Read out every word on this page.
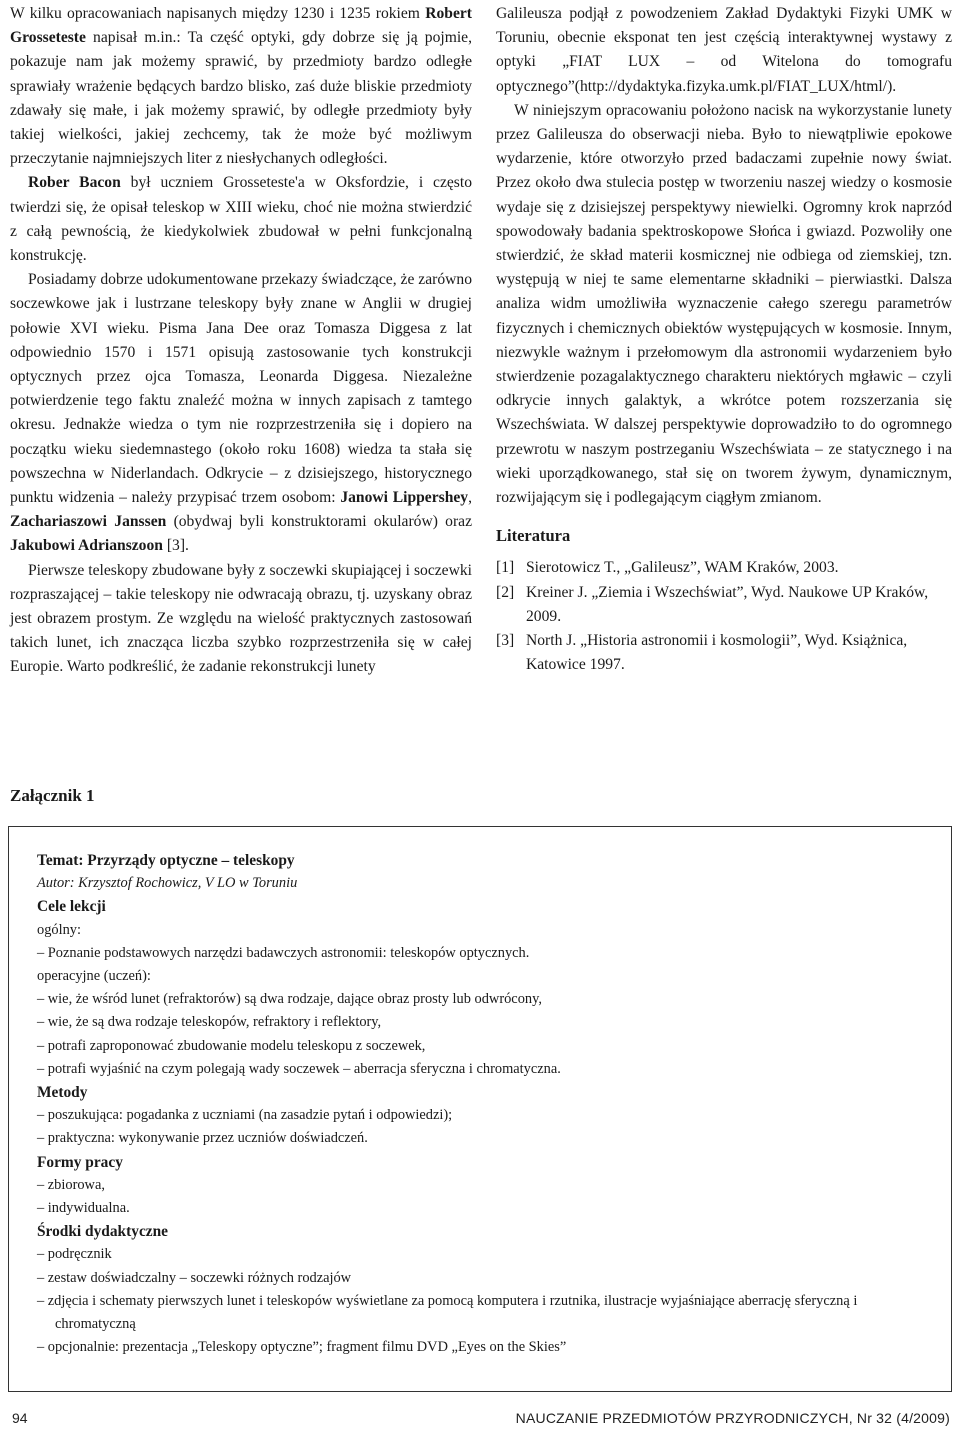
W kilku opracowaniach napisanych między 1230 i 1235 rokiem Robert Grosseteste napisał m.in.: Ta część optyki, gdy dobrze się ją pojmie, pokazuje nam jak możemy sprawić, by przedmioty bardzo odległe sprawiały wrażenie będących bardzo blisko, zaś duże bliskie przedmioty zdawały się małe, i jak możemy sprawić, by odległe przedmioty były takiej wielkości, jakiej zechcemy, tak że może być możliwym przeczytanie najmniejszych liter z niesłychanych odległości.

Rober Bacon był uczniem Grosseteste'a w Oksfordzie, i często twierdzi się, że opisał teleskop w XIII wieku, choć nie można stwierdzić z całą pewnością, że kiedykolwiek zbudował w pełni funkcjonalną konstrukcję.

Posiadamy dobrze udokumentowane przekazy świadczące, że zarówno soczewkowe jak i lustrzane teleskopy były znane w Anglii w drugiej połowie XVI wieku. Pisma Jana Dee oraz Tomasza Diggesa z lat odpowiednio 1570 i 1571 opisują zastosowanie tych konstrukcji optycznych przez ojca Tomasza, Leonarda Diggesa. Niezależne potwierdzenie tego faktu znaleźć można w innych zapisach z tamtego okresu. Jednakże wiedza o tym nie rozprzestrzeniła się i dopiero na początku wieku siedemnastego (około roku 1608) wiedza ta stała się powszechna w Niderlandach. Odkrycie – z dzisiejszego, historycznego punktu widzenia – należy przypisać trzem osobom: Janowi Lippershey, Zachariaszowi Janssen (obydwaj byli konstruktorami okularów) oraz Jakubowi Adrianszoon [3].

Pierwsze teleskopy zbudowane były z soczewki skupiającej i soczewki rozpraszającej – takie teleskopy nie odwracają obrazu, tj. uzyskany obraz jest obrazem prostym. Ze względu na wielość praktycznych zastosowań takich lunet, ich znacząca liczba szybko rozprzestrzeniła się w całej Europie. Warto podkreślić, że zadanie rekonstrukcji lunety

Galileusza podjął z powodzeniem Zakład Dydaktyki Fizyki UMK w Toruniu, obecnie eksponat ten jest częścią interaktywnej wystawy z optyki „FIAT LUX – od Witelona do tomografu optycznego”(http://dydaktyka.fizyka.umk.pl/FIAT_LUX/html/).

W niniejszym opracowaniu położono nacisk na wykorzystanie lunety przez Galileusza do obserwacji nieba. Było to niewątpliwie epokowe wydarzenie, które otworzyło przed badaczami zupełnie nowy świat. Przez około dwa stulecia postęp w tworzeniu naszej wiedzy o kosmosie wydaje się z dzisiejszej perspektywy niewielki. Ogromny krok naprzód spowodowały badania spektroskopowe Słońca i gwiazd. Pozwoliły one stwierdzić, że skład materii kosmicznej nie odbiega od ziemskiej, tzn. występują w niej te same elementarne składniki – pierwiastki. Dalsza analiza widm umożliwiła wyznaczenie całego szeregu parametrów fizycznych i chemicznych obiektów występujących w kosmosie. Innym, niezwykle ważnym i przełomowym dla astronomii wydarzeniem było stwierdzenie pozagalaktycznego charakteru niektórych mgławic – czyli odkrycie innych galaktyk, a wkrótce potem rozszerzania się Wszechświata. W dalszej perspektywie doprowadziło to do ogromnego przewrotu w naszym postrzeganiu Wszechświata – ze statycznego i na wieki uporządkowanego, stał się on tworem żywym, dynamicznym, rozwijającym się i podlegającym ciągłym zmianom.

Literatura

[1] Sierotowicz T., „Galileusz”, WAM Kraków, 2003.

[2] Kreiner J. „Ziemia i Wszechświat”, Wyd. Naukowe UP Kraków, 2009.

[3] North J. „Historia astronomii i kosmologii”, Wyd. Książnica, Katowice 1997.

Załącznik 1

Temat: Przyrządy optyczne – teleskopy

Autor: Krzysztof Rochowicz, V LO w Toruniu

Cele lekcji

ogólny:

– Poznanie podstawowych narzędzi badawczych astronomii: teleskopów optycznych.

operacyjne (uczeń):

– wie, że wśród lunet (refraktorów) są dwa rodzaje, dające obraz prosty lub odwrócony,

– wie, że są dwa rodzaje teleskopów, refraktory i reflektory,

– potrafi zaproponować zbudowanie modelu teleskopu z soczewek,

– potrafi wyjaśnić na czym polegają wady soczewek – aberracja sferyczna i chromatyczna.

Metody

– poszukująca: pogadanka z uczniami (na zasadzie pytań i odpowiedzi);

– praktyczna: wykonywanie przez uczniów doświadczeń.

Formy pracy

– zbiorowa,

– indywidualna.

Środki dydaktyczne

– podręcznik

– zestaw doświadczalny – soczewki różnych rodzajów

– zdjęcia i schematy pierwszych lunet i teleskopów wyświetlane za pomocą komputera i rzutnika, ilustracje wyjaśniające aberrację sferyczną i chromatyczną

– opcjonalnie: prezentacja „Teleskopy optyczne”; fragment filmu DVD „Eyes on the Skies”

94	NAUCZANIE PRZEDMIOTÓW PRZYRODNICZYCH, Nr 32 (4/2009)
